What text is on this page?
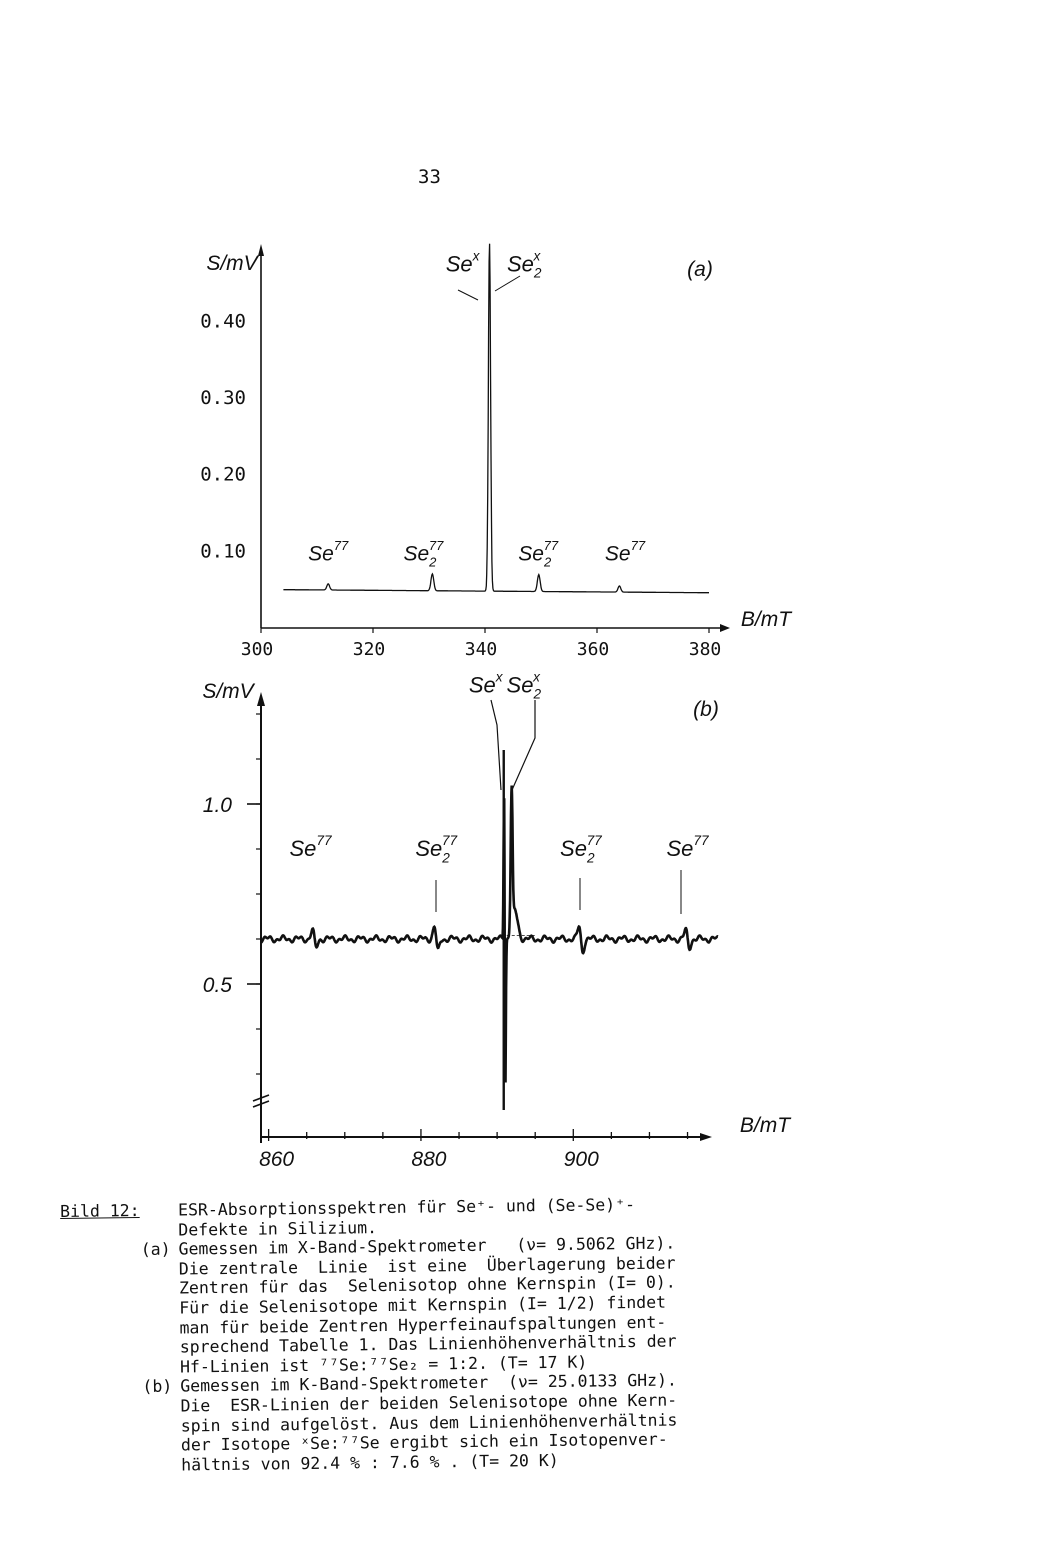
33
0.40
0.30
0.20
0.10
300	320	340	360	380
S/mV
B/mT
(a)
Se$^x$ $Se_2x$
Se$^{77}$	$Se_277$	$Se_277$ Se$^{77}$
1.0
0.5
860	880	900
S/mV
B/mT
(b)
Se$^x$ $Se_2x$
Se$^{77}$	$Se_277$	$Se_277$	Se$^{77}$
Bild 12:	ESR-Absorptionsspektren für Se⁺- und (Se-Se)⁺-
Defekte in Silizium.
(a) Gemessen im X-Band-Spektrometer   (ν= 9.5062 GHz).
Die zentrale  Linie  ist eine  Überlagerung beider
Zentren für das  Selenisotop ohne Kernspin (I= 0).
Für die Selenisotope mit Kernspin (I= 1/2) findet
man für beide Zentren Hyperfeinaufspaltungen ent-
sprechend Tabelle 1. Das Linienhöhenverhältnis der
Hf-Linien ist ⁷⁷Se:⁷⁷Se₂ = 1:2. (T= 17 K)
(b) Gemessen im K-Band-Spektrometer  (ν= 25.0133 GHz).
Die  ESR-Linien der beiden Selenisotope ohne Kern-
spin sind aufgelöst. Aus dem Linienhöhenverhältnis
der Isotope ˣSe:⁷⁷Se ergibt sich ein Isotopenver-
hältnis von 92.4 % : 7.6 % . (T= 20 K)
